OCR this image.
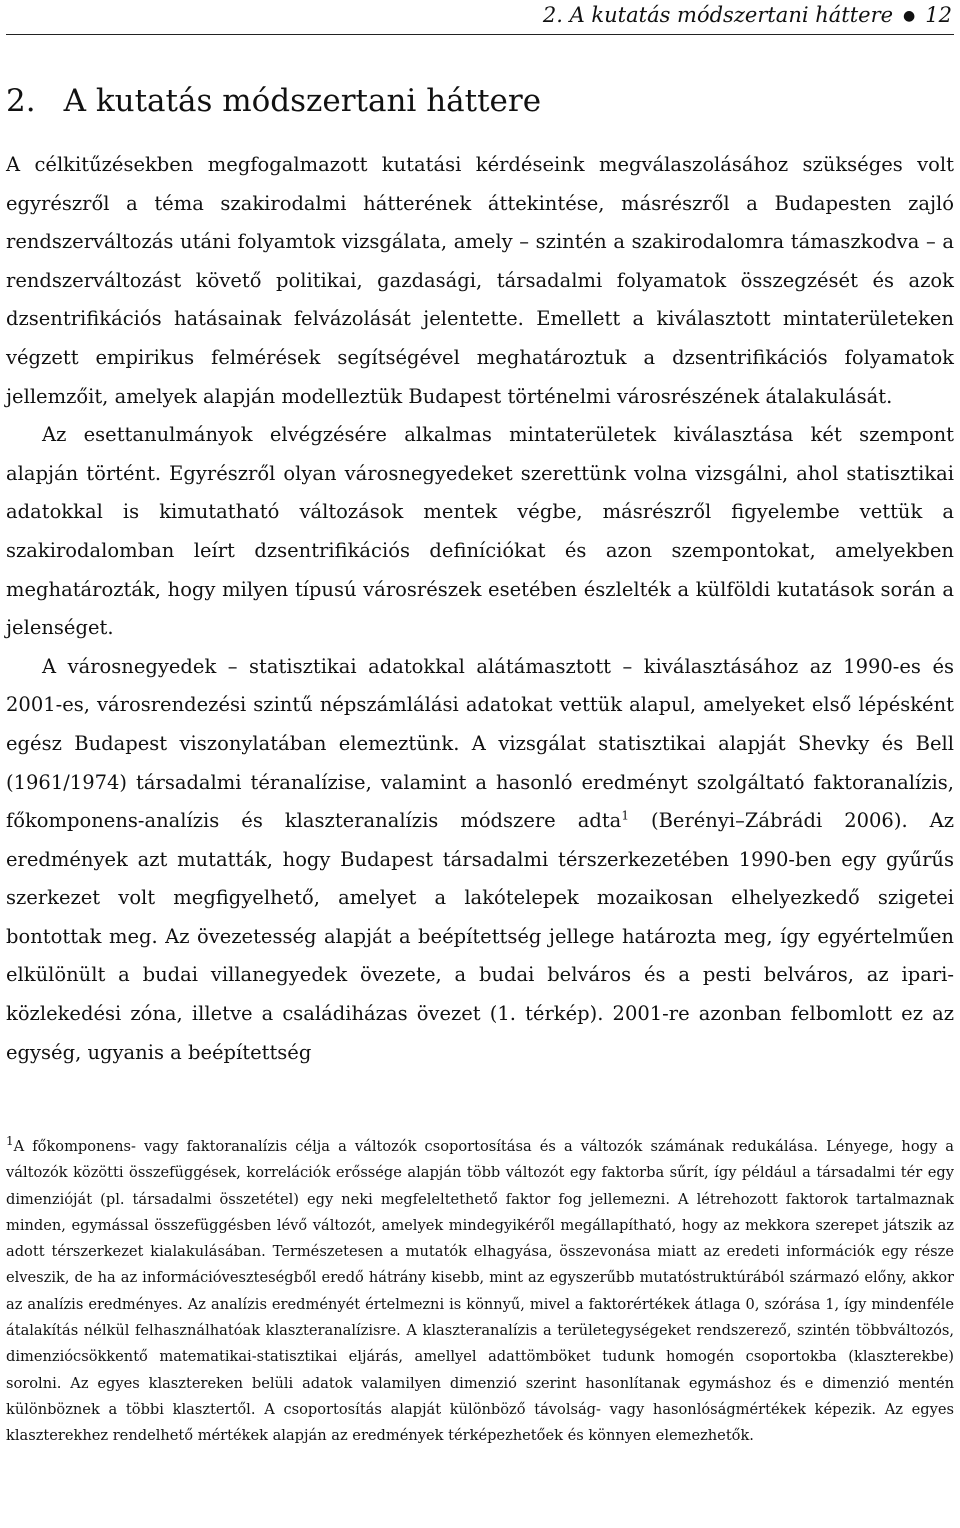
2. A kutatás módszertani háttere ● 12
2. A kutatás módszertani háttere

A célkitűzésekben megfogalmazott kutatási kérdéseink megválaszolásához szükséges volt egyrészről a téma szakirodalmi hátterének áttekintése, másrészről a Budapesten zajló rendszerváltozás utáni folyamtok vizsgálata, amely – szintén a szakirodalomra támaszkodva – a rendszerváltozást követő politikai, gazdasági, társadalmi folyamatok összegzését és azok dzsentrifikációs hatásainak felvázolását jelentette. Emellett a kiválasztott mintaterületeken végzett empirikus felmérések segítségével meghatároztuk a dzsentrifikációs folyamatok jellemzőit, amelyek alapján modelleztük Budapest történelmi városrészének átalakulását.

Az esettanulmányok elvégzésére alkalmas mintaterületek kiválasztása két szempont alapján történt. Egyrészről olyan városnegyedeket szerettünk volna vizsgálni, ahol statisztikai adatokkal is kimutatható változások mentek végbe, másrészről figyelembe vettük a szakirodalomban leírt dzsentrifikációs definíciókat és azon szempontokat, amelyekben meghatározták, hogy milyen típusú városrészek esetében észlelték a külföldi kutatások során a jelenséget.

A városnegyedek – statisztikai adatokkal alátámasztott – kiválasztásához az 1990-es és 2001-es, városrendezési szintű népszámlálási adatokat vettük alapul, amelyeket első lépésként egész Budapest viszonylatában elemeztünk. A vizsgálat statisztikai alapját Shevky és Bell (1961/1974) társadalmi téranalízise, valamint a hasonló eredményt szolgáltató faktoranalízis, főkomponens-analízis és klaszteranalízis módszere adta$^1$ (Berényi–Zábrádi 2006). Az eredmények azt mutatták, hogy Budapest társadalmi térszerkezetében 1990-ben egy gyűrűs szerkezet volt megfigyelhető, amelyet a lakótelepek mozaikosan elhelyezkedő szigetei bontottak meg. Az övezetesség alapját a beépítettség jellege határozta meg, így egyértelműen elkülönült a budai villanegyedek övezete, a budai belváros és a pesti belváros, az ipari-közlekedési zóna, illetve a családiházas övezet (1. térkép). 2001-re azonban felbomlott ez az egység, ugyanis a beépítettség

$^1$A főkomponens- vagy faktoranalízis célja a változók csoportosítása és a változók számának redukálása. Lényege, hogy a változók közötti összefüggések, korrelációk erőssége alapján több változót egy faktorba sűrít, így például a társadalmi tér egy dimenzióját (pl. társadalmi összetétel) egy neki megfeleltethető faktor fog jellemezni. A létrehozott faktorok tartalmaznak minden, egymással összefüggésben lévő változót, amelyek mindegyikéről megállapítható, hogy az mekkora szerepet játszik az adott térszerkezet kialakulásában. Természetesen a mutatók elhagyása, összevonása miatt az eredeti információk egy része elveszik, de ha az információveszteségből eredő hátrány kisebb, mint az egyszerűbb mutatóstruktúrából származó előny, akkor az analízis eredményes. Az analízis eredményét értelmezni is könnyű, mivel a faktorértékek átlaga 0, szórása 1, így mindenféle átalakítás nélkül felhasználhatóak klaszteranalízisre. A klaszteranalízis a területegységeket rendszerező, szintén többváltozós, dimenziócsökkentő matematikai-statisztikai eljárás, amellyel adattömböket tudunk homogén csoportokba (klaszterekbe) sorolni. Az egyes klasztereken belüli adatok valamilyen dimenzió szerint hasonlítanak egymáshoz és e dimenzió mentén különböznek a többi klasztertől. A csoportosítás alapját különböző távolság- vagy hasonlóságmértékek képezik. Az egyes klaszterekhez rendelhető mértékek alapján az eredmények térképezhetőek és könnyen elemezhetők.
